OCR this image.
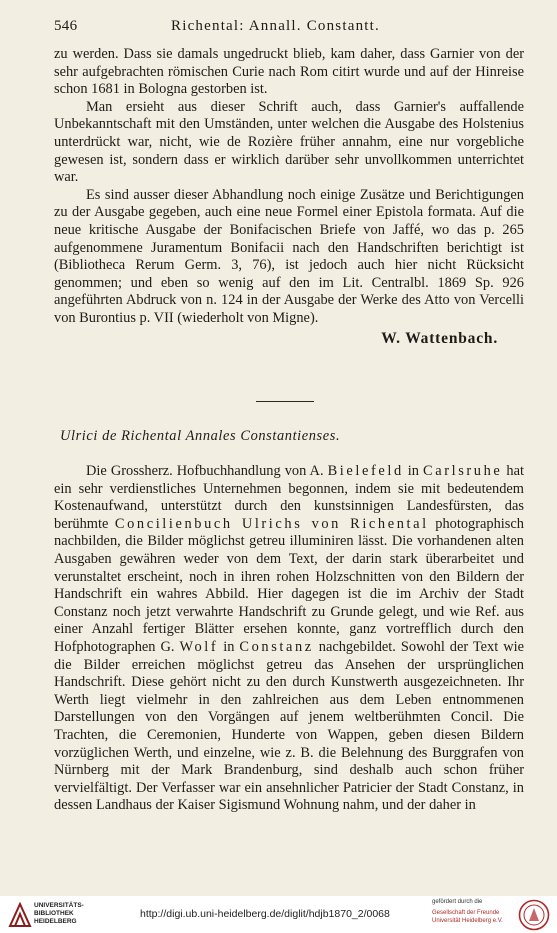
546	Richental: Annall. Constantt.

zu werden. Dass sie damals ungedruckt blieb, kam daher, dass Garnier von der sehr aufgebrachten römischen Curie nach Rom citirt wurde und auf der Hinreise schon 1681 in Bologna gestorben ist.

Man ersieht aus dieser Schrift auch, dass Garnier's auffallende Unbekanntschaft mit den Umständen, unter welchen die Ausgabe des Holstenius unterdrückt war, nicht, wie de Rozière früher annahm, eine nur vorgebliche gewesen ist, sondern dass er wirklich darüber sehr unvollkommen unterrichtet war.

Es sind ausser dieser Abhandlung noch einige Zusätze und Berichtigungen zu der Ausgabe gegeben, auch eine neue Formel einer Epistola formata. Auf die neue kritische Ausgabe der Bonifacischen Briefe von Jaffé, wo das p. 265 aufgenommene Juramentum Bonifacii nach den Handschriften berichtigt ist (Bibliotheca Rerum Germ. 3, 76), ist jedoch auch hier nicht Rücksicht genommen; und eben so wenig auf den im Lit. Centralbl. 1869 Sp. 926 angeführten Abdruck von n. 124 in der Ausgabe der Werke des Atto von Vercelli von Burontius p. VII (wiederholt von Migne).

W. Wattenbach.
Ulrici de Richental Annales Constantienses.

Die Grossherz. Hofbuchhandlung von A. Bielefeld in Carlsruhe hat ein sehr verdienstliches Unternehmen begonnen, indem sie mit bedeutendem Kostenaufwand, unterstützt durch den kunstsinnigen Landesfürsten, das berühmte Concilienbuch Ulrichs von Richental photographisch nachbilden, die Bilder möglichst getreu illuminiren lässt. Die vorhandenen alten Ausgaben gewähren weder von dem Text, der darin stark überarbeitet und verunstaltet erscheint, noch in ihren rohen Holzschnitten von den Bildern der Handschrift ein wahres Abbild. Hier dagegen ist die im Archiv der Stadt Constanz noch jetzt verwahrte Handschrift zu Grunde gelegt, und wie Ref. aus einer Anzahl fertiger Blätter ersehen konnte, ganz vortrefflich durch den Hofphotographen G. Wolf in Constanz nachgebildet. Sowohl der Text wie die Bilder erreichen möglichst getreu das Ansehen der ursprünglichen Handschrift. Diese gehört nicht zu den durch Kunstwerth ausgezeichneten. Ihr Werth liegt vielmehr in den zahlreichen aus dem Leben entnommenen Darstellungen von den Vorgängen auf jenem weltberühmten Concil. Die Trachten, die Ceremonien, Hunderte von Wappen, geben diesen Bildern vorzüglichen Werth, und einzelne, wie z. B. die Belehnung des Burggrafen von Nürnberg mit der Mark Brandenburg, sind deshalb auch schon früher vervielfältigt. Der Verfasser war ein ansehnlicher Patricier der Stadt Constanz, in dessen Landhaus der Kaiser Sigismund Wohnung nahm, und der daher in

UNIVERSITÄTS-
BIBLIOTHEK
HEIDELBERG
http://digi.ub.uni-heidelberg.de/diglit/hdjb1870_2/0068
gefördert durch die
Gesellschaft der Freunde
Universität Heidelberg e.V.
